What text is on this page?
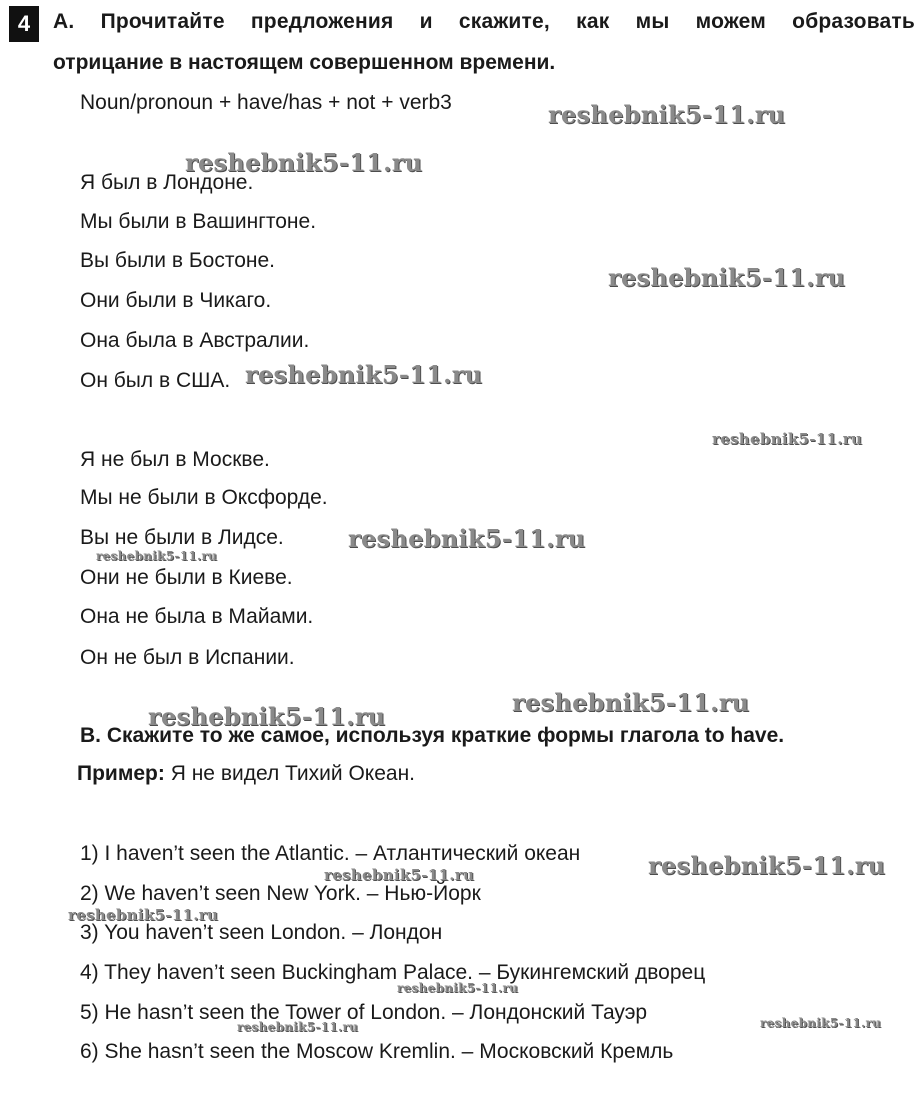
4	А. Прочитайте предложения и скажите, как мы можем образовать
отрицание в настоящем совершенном времени.
Noun/pronoun + have/has + not + verb3
Я был в Лондоне.
Мы были в Вашингтоне.
Вы были в Бостоне.
Они были в Чикаго.
Она была в Австралии.
Он был в США.
Я не был в Москве.
Мы не были в Оксфорде.
Вы не были в Лидсе.
Они не были в Киеве.
Она не была в Майами.
Он не был в Испании.
B. Скажите то же самое, используя краткие формы глагола to have.
Пример: Я не видел Тихий Океан.
1) I haven’t seen the Atlantic. – Атлантический океан
2) We haven’t seen New York. – Нью-Йорк
3) You haven’t seen London. – Лондон
4) They haven’t seen Buckingham Palace. – Букингемский дворец
5) He hasn’t seen the Tower of London. – Лондонский Тауэр
6) She hasn’t seen the Moscow Kremlin. – Московский Кремль
reshebnik5-11.ru
reshebnik5-11.ru
reshebnik5-11.ru
reshebnik5-11.ru
reshebnik5-11.ru
reshebnik5-11.ru
reshebnik5-11.ru
reshebnik5-11.ru
reshebnik5-11.ru
reshebnik5-11.ru
reshebnik5-11.ru
reshebnik5-11.ru
reshebnik5-11.ru
reshebnik5-11.ru	reshebnik5-11.ru
